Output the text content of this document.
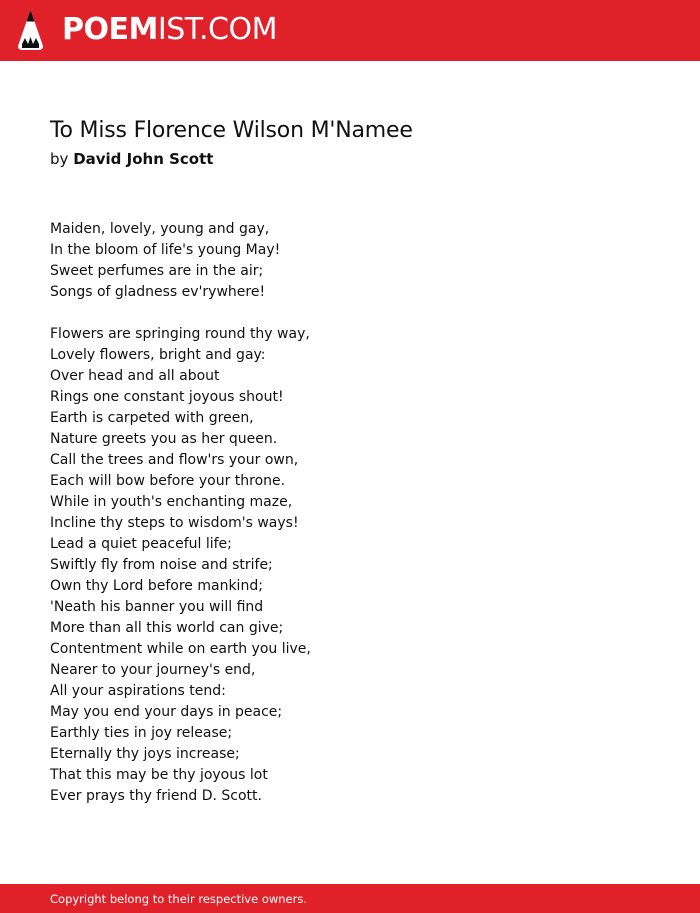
POEMIST.COM
To Miss Florence Wilson M'Namee
by David John Scott
Maiden, lovely, young and gay,
In the bloom of life's young May!
Sweet perfumes are in the air;
Songs of gladness ev'rywhere!
Flowers are springing round thy way,
Lovely flowers, bright and gay:
Over head and all about
Rings one constant joyous shout!
Earth is carpeted with green,
Nature greets you as her queen.
Call the trees and flow'rs your own,
Each will bow before your throne.
While in youth's enchanting maze,
Incline thy steps to wisdom's ways!
Lead a quiet peaceful life;
Swiftly fly from noise and strife;
Own thy Lord before mankind;
'Neath his banner you will find
More than all this world can give;
Contentment while on earth you live,
Nearer to your journey's end,
All your aspirations tend:
May you end your days in peace;
Earthly ties in joy release;
Eternally thy joys increase;
That this may be thy joyous lot
Ever prays thy friend D. Scott.
Copyright belong to their respective owners.
